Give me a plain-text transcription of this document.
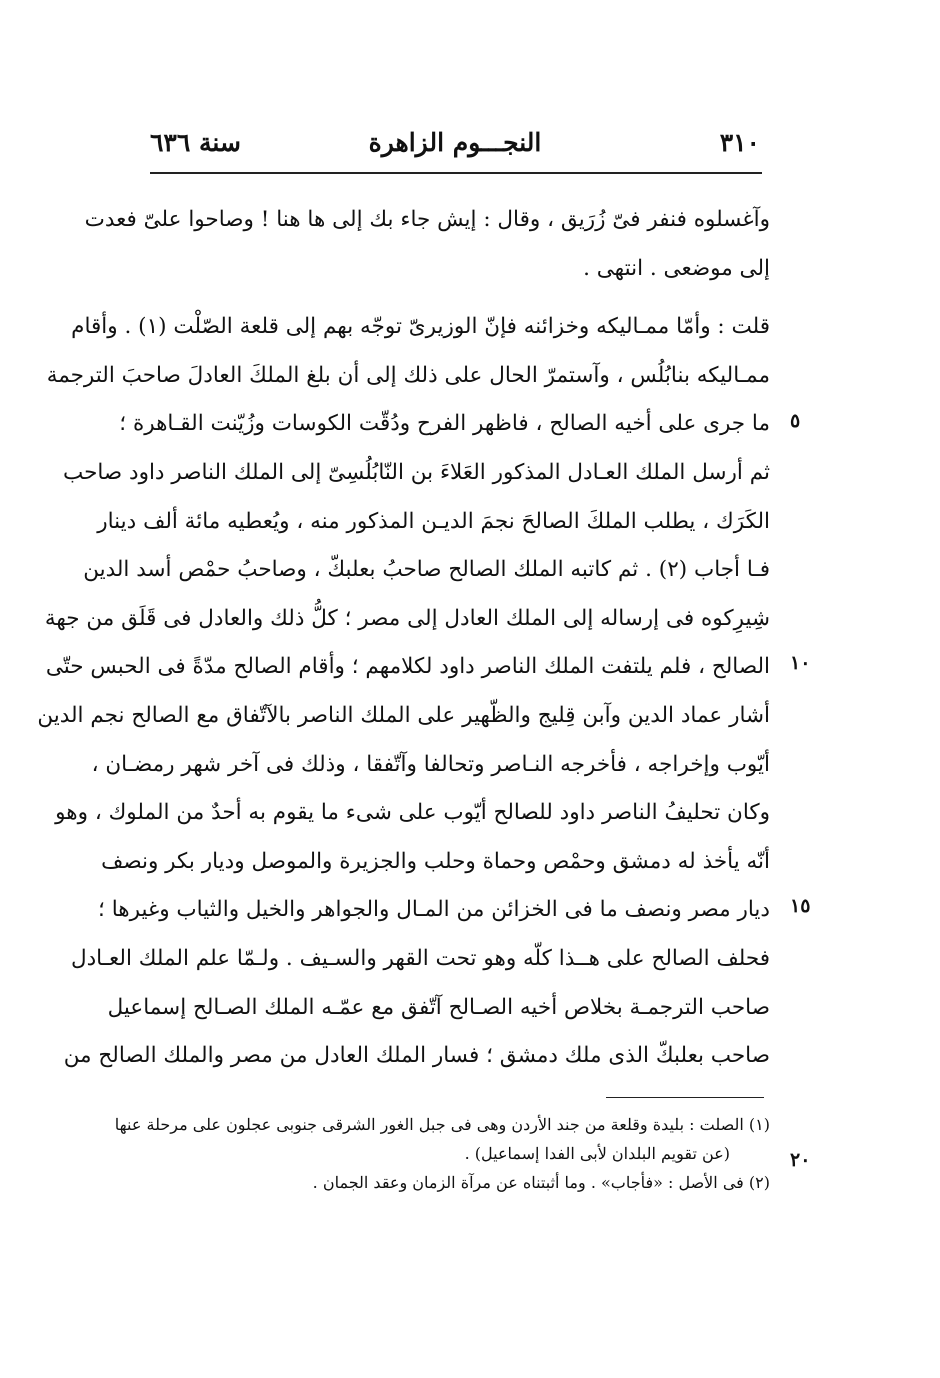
٣١٠
النجـــوم الزاهرة
سنة ٦٣٦
وآغسلوه فنفر فىّ زُرَيق ، وقال : إيش جاء بك إلى ها هنا ! وصاحوا علىّ فعدت
إلى موضعى . انتهى .
قلت : وأمّا ممـاليكه وخزائنه فإنّ الوزيرىّ توجّه بهم إلى قلعة الصّلْت (١) . وأقام
ممـاليكه بنابُلُس ، وآستمرّ الحال على ذلك إلى أن بلغ الملكَ العادلَ صاحبَ الترجمة
ما جرى على أخيه الصالح ، فاظهر الفرح ودُقّت الكوسات وزُيّنت القـاهرة ؛
ثم أرسل الملك العـادل المذكور العَلاءَ بن النّابُلُسِىّ إلى الملك الناصر داود صاحب
الكَرَك ، يطلب الملكَ الصالحَ نجمَ الديـن المذكور منه ، ويُعطيه مائة ألف دينار
فـا أجاب (٢) . ثم كاتبه الملك الصالح صاحبُ بعلبكّ ، وصاحبُ حمْص أسد الدين
شِيرِكوه فى إرساله إلى الملك العادل إلى مصر ؛ كلُّ ذلك والعادل فى قَلَق من جهة
الصالح ، فلم يلتفت الملك الناصر داود لكلامهم ؛ وأقام الصالح مدّةً فى الحبس حتّى
أشار عماد الدين وآبن قِليج والظّهير على الملك الناصر بالآتّفاق مع الصالح نجم الدين
أيّوب وإخراجه ، فأخرجه النـاصر وتحالفا وآتّفقا ، وذلك فى آخر شهر رمضـان ،
وكان تحليفُ الناصر داود للصالح أيّوب على شىء ما يقوم به أحدٌ من الملوك ، وهو
أنّه يأخذ له دمشق وحمْص وحماة وحلب والجزيرة والموصل وديار بكر ونصف
ديار مصر ونصف ما فى الخزائن من المـال والجواهر والخيل والثياب وغيرها ؛
فحلف الصالح على هــذا كلّه وهو تحت القهر والسـيف . ولـمّا علم الملك العـادل
صاحب الترجمـة بخلاص أخيه الصـالح آتّفق مع عمّـه الملك الصـالح إسماعيل
صاحب بعلبكّ الذى ملك دمشق ؛ فسار الملك العادل من مصر والملك الصالح من
٥
١٠
١٥
٢٠
(١) الصلت : بليدة وقلعة من جند الأردن وهى فى جبل الغور الشرقى جنوبى عجلون على مرحلة عنها
(عن تقويم البلدان لأبى الفدا إسماعيل) .
(٢) فى الأصل : «فأجاب» . وما أثبتناه عن مرآة الزمان وعقد الجمان .
